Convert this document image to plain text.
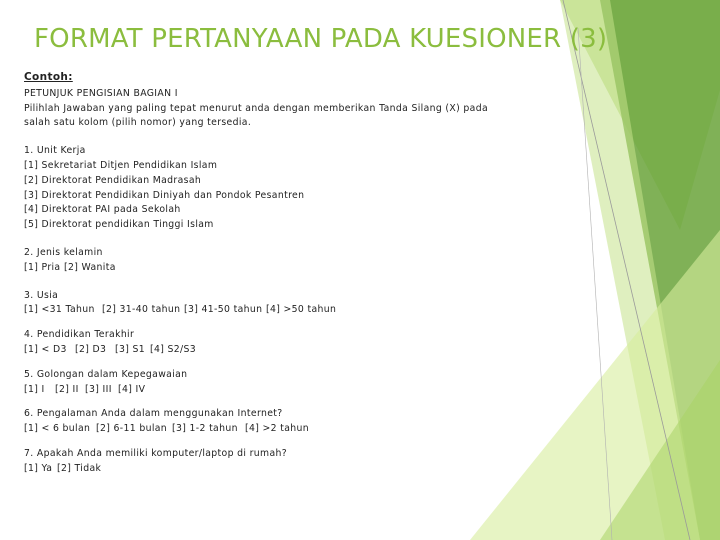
FORMAT PERTANYAAN PADA KUESIONER (3)
Contoh:
PETUNJUK PENGISIAN BAGIAN I
Pilihlah Jawaban yang paling tepat menurut anda dengan memberikan Tanda Silang (X) pada
salah satu kolom (pilih nomor) yang tersedia.
1. Unit Kerja
[1] Sekretariat Ditjen Pendidikan Islam
[2] Direktorat Pendidikan Madrasah
[3] Direktorat Pendidikan Diniyah dan Pondok Pesantren
[4] Direktorat PAI pada Sekolah
[5] Direktorat pendidikan Tinggi Islam
2. Jenis kelamin
[1] Pria [2] Wanita
3. Usia
[1] <31 Tahun [2] 31-40 tahun [3] 41-50 tahun [4] >50 tahun
4. Pendidikan Terakhir
[1] < D3 [2] D3 [3] S1 [4] S2/S3
5. Golongan dalam Kepegawaian
[1] I	[2] II [3] III [4] IV
6. Pengalaman Anda dalam menggunakan Internet?
[1] < 6 bulan [2] 6-11 bulan [3] 1-2 tahun [4] >2 tahun
7. Apakah Anda memiliki komputer/laptop di rumah?
[1] Ya [2] Tidak
